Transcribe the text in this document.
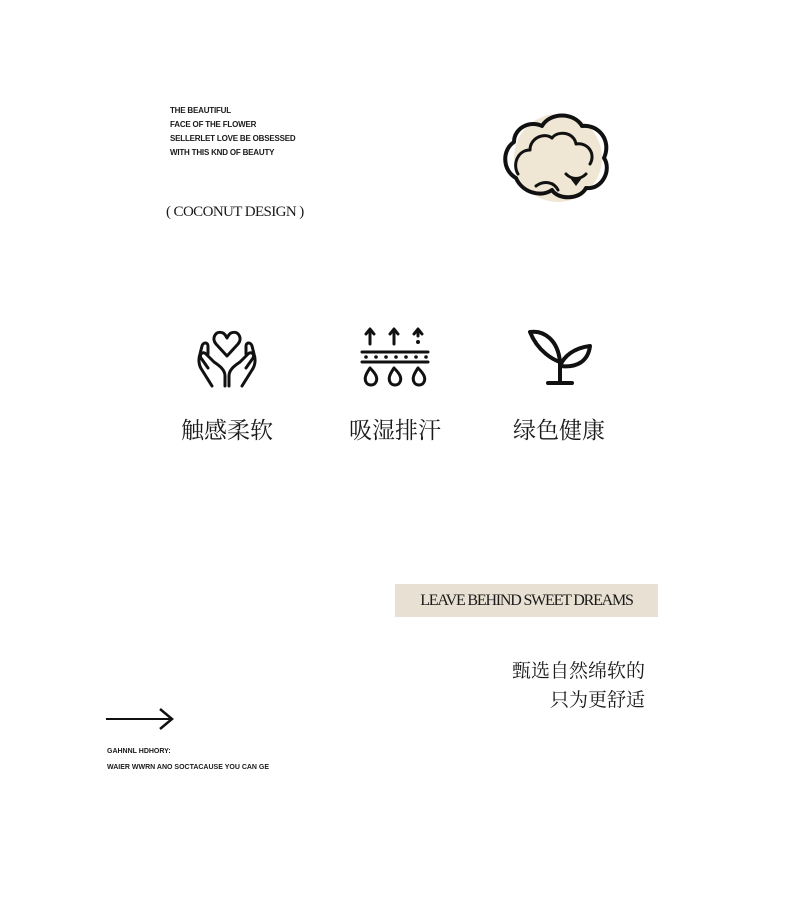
THE BEAUTIFUL
FACE OF THE FLOWER
SELLERLET LOVE BE OBSESSED
WITH THIS KND OF BEAUTY
( COCONUT DESIGN )
触感柔软	吸湿排汗	绿色健康
LEAVE BEHIND SWEET DREAMS
甄选自然绵软的
只为更舒适
GAHNNL HDHORY:
WAIER WWRN ANO SOCTACAUSE YOU CAN GE
